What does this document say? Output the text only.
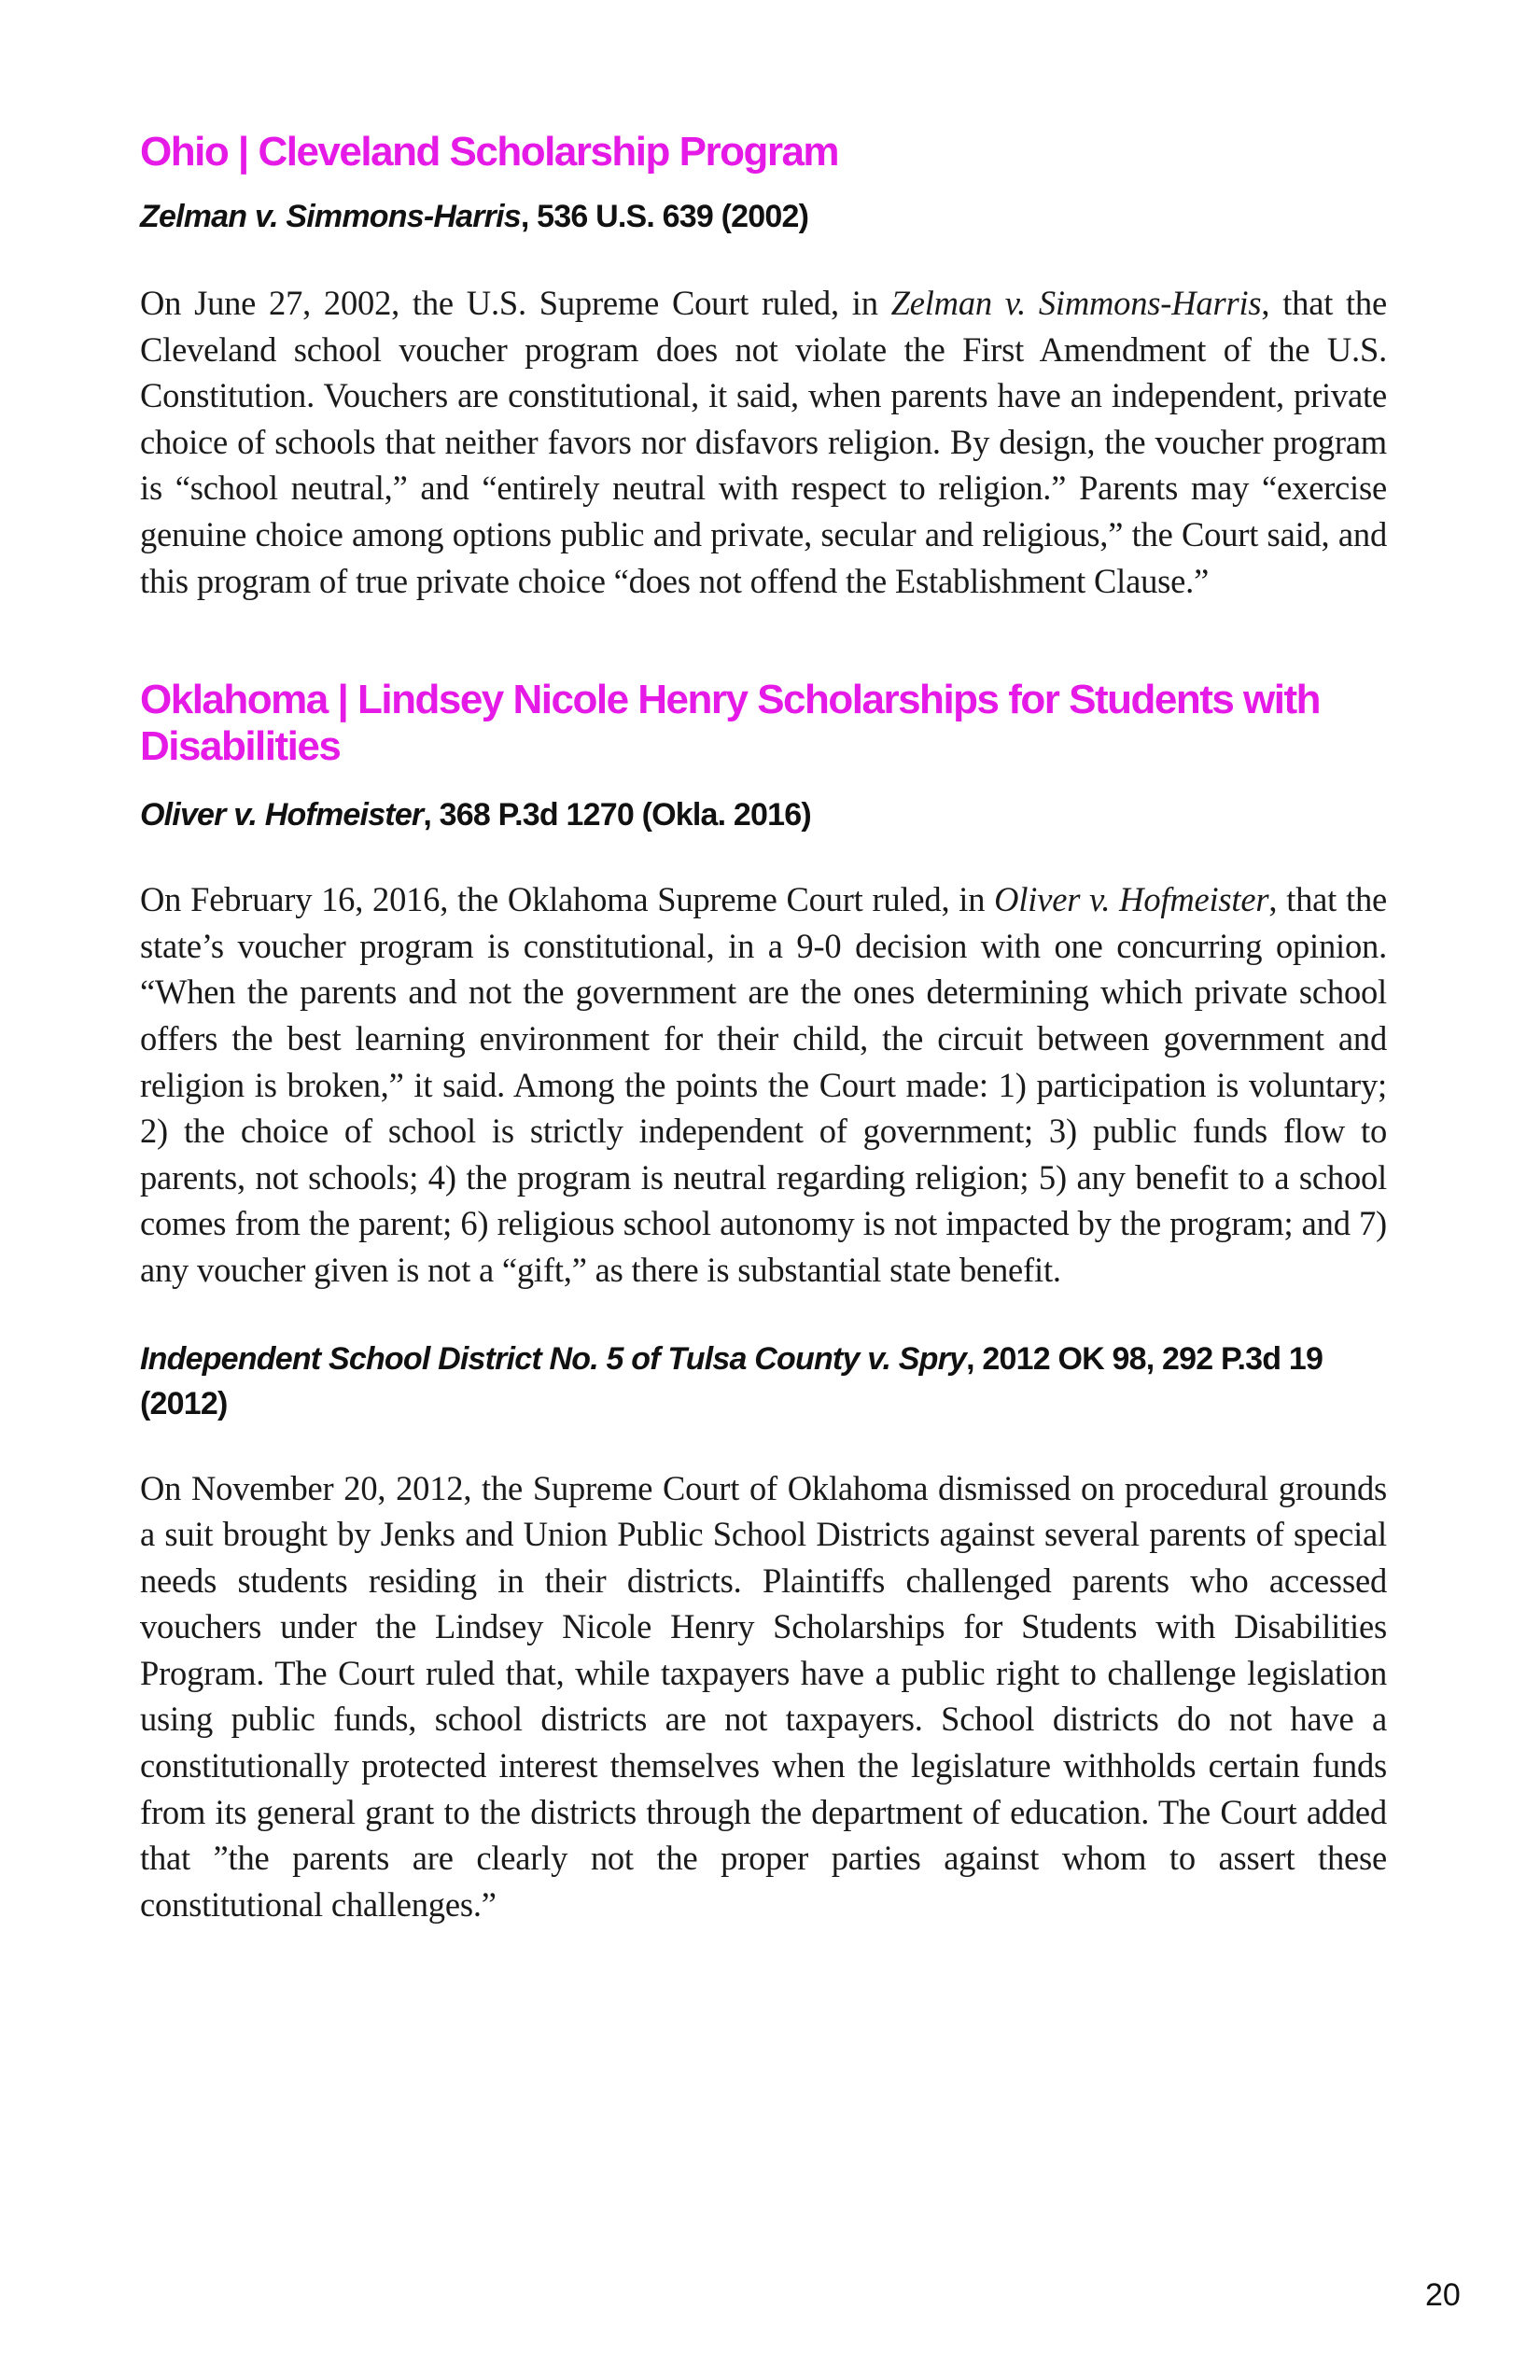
Ohio | Cleveland Scholarship Program

Zelman v. Simmons-Harris, 536 U.S. 639 (2002)

On June 27, 2002, the U.S. Supreme Court ruled, in Zelman v. Simmons-Harris, that the Cleveland school voucher program does not violate the First Amendment of the U.S. Constitution. Vouchers are constitutional, it said, when parents have an independent, private choice of schools that neither favors nor disfavors religion. By design, the voucher program is “school neutral,” and “entirely neutral with respect to religion.” Parents may “exercise genuine choice among options public and private, secular and religious,” the Court said, and this program of true private choice “does not offend the Establishment Clause.”

Oklahoma | Lindsey Nicole Henry Scholarships for Students with Disabilities

Oliver v. Hofmeister, 368 P.3d 1270 (Okla. 2016)

On February 16, 2016, the Oklahoma Supreme Court ruled, in Oliver v. Hofmeister, that the state’s voucher program is constitutional, in a 9-0 decision with one concurring opinion. “When the parents and not the government are the ones determining which private school offers the best learning environment for their child, the circuit between government and religion is broken,” it said. Among the points the Court made: 1) participation is voluntary; 2) the choice of school is strictly independent of government; 3) public funds flow to parents, not schools; 4) the program is neutral regarding religion; 5) any benefit to a school comes from the parent; 6) religious school autonomy is not impacted by the program; and 7) any voucher given is not a “gift,” as there is substantial state benefit.

Independent School District No. 5 of Tulsa County v. Spry, 2012 OK 98, 292 P.3d 19 (2012)

On November 20, 2012, the Supreme Court of Oklahoma dismissed on procedural grounds a suit brought by Jenks and Union Public School Districts against several parents of special needs students residing in their districts. Plaintiffs challenged parents who accessed vouchers under the Lindsey Nicole Henry Scholarships for Students with Disabilities Program. The Court ruled that, while taxpayers have a public right to challenge legislation using public funds, school districts are not taxpayers. School districts do not have a constitutionally protected interest themselves when the legislature withholds certain funds from its general grant to the districts through the department of education. The Court added that ”the parents are clearly not the proper parties against whom to assert these constitutional challenges.”

20
